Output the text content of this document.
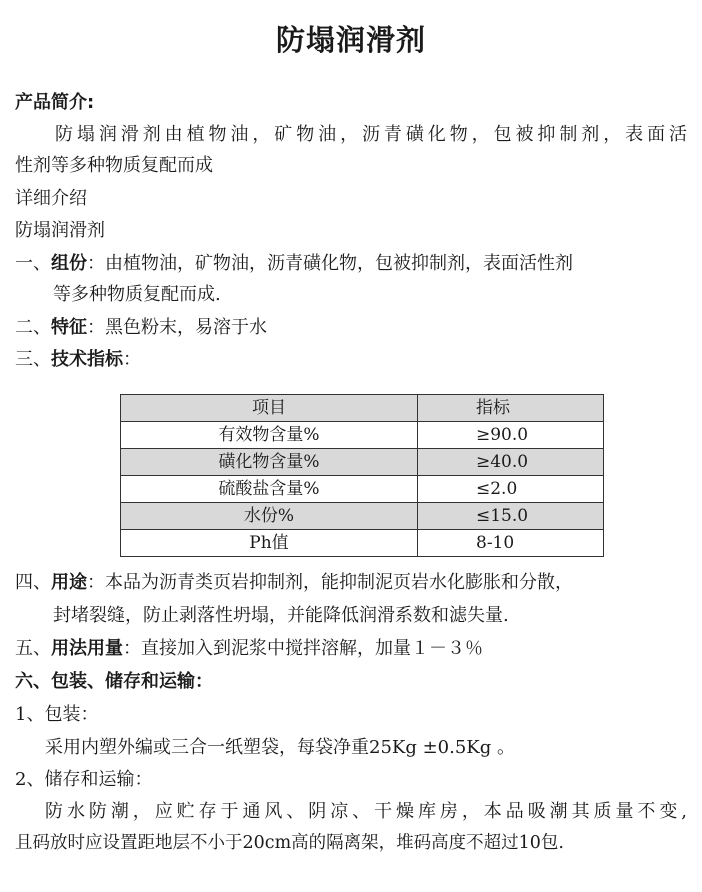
防塌润滑剂
产品简介:
防塌润滑剂由植物油，矿物油，沥青磺化物，包被抑制剂，表面活
性剂等多种物质复配而成
详细介绍
防塌润滑剂
一、组份：由植物油，矿物油，沥青磺化物，包被抑制剂，表面活性剂
等多种物质复配而成.
二、特征：黑色粉末，易溶于水
三、技术指标：
项目	指标
有效物含量%	≥90.0
磺化物含量%	≥40.0
硫酸盐含量%	≤2.0
水份%	≤15.0
Ph值	8-10
四、用途：本品为沥青类页岩抑制剂，能抑制泥页岩水化膨胀和分散，
封堵裂缝，防止剥落性坍塌，并能降低润滑系数和滤失量.
五、用法用量：直接加入到泥浆中搅拌溶解，加量１－３％
六、包装、储存和运输：
1、包装：
采用内塑外编或三合一纸塑袋，每袋净重25Kg ±0.5Kg 。
2、储存和运输：
防水防潮，应贮存于通风、阴凉、干燥库房，本品吸潮其质量不变,
且码放时应设置距地层不小于20cm高的隔离架，堆码高度不超过10包.
